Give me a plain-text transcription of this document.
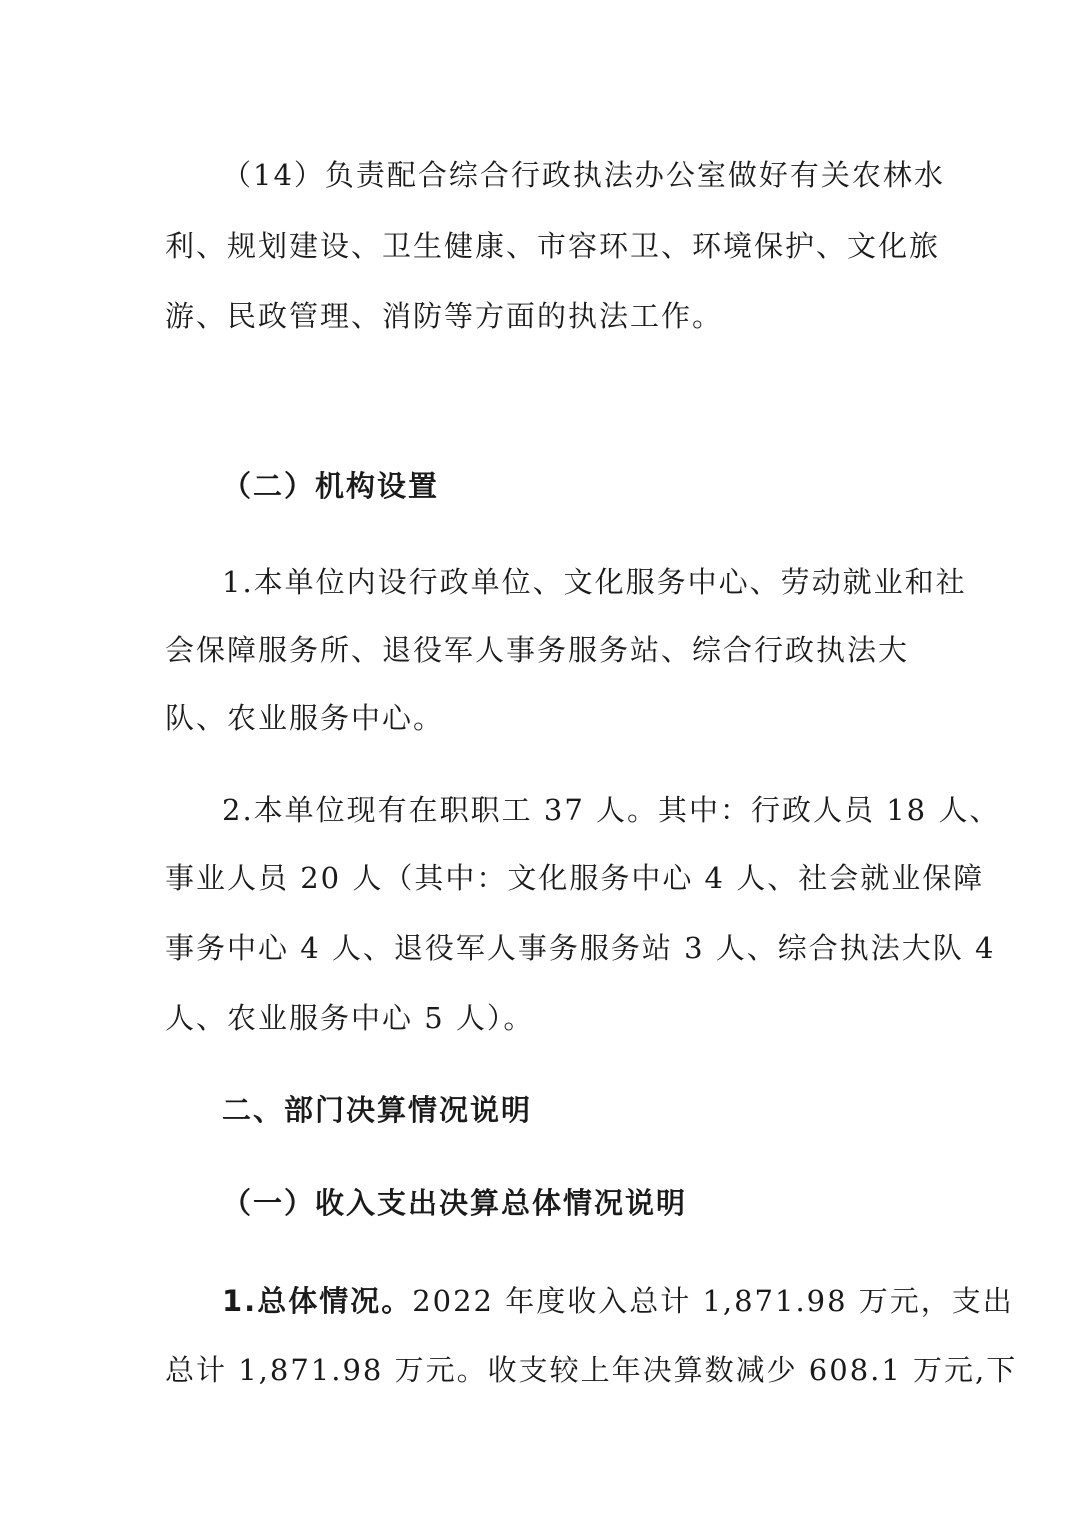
（14）负责配合综合行政执法办公室做好有关农林水
利、规划建设、卫生健康、市容环卫、环境保护、文化旅
游、民政管理、消防等方面的执法工作。
（二）机构设置
1.本单位内设行政单位、文化服务中心、劳动就业和社
会保障服务所、退役军人事务服务站、综合行政执法大
队、农业服务中心。
2.本单位现有在职职工 37 人。其中：行政人员 18 人、
事业人员 20 人（其中：文化服务中心 4 人、社会就业保障
事务中心 4 人、退役军人事务服务站 3 人、综合执法大队 4
人、农业服务中心 5 人）。
二、部门决算情况说明
（一）收入支出决算总体情况说明
1.总体情况。2022 年度收入总计 1,871.98 万元，支出
总计 1,871.98 万元。收支较上年决算数减少 608.1 万元,下
